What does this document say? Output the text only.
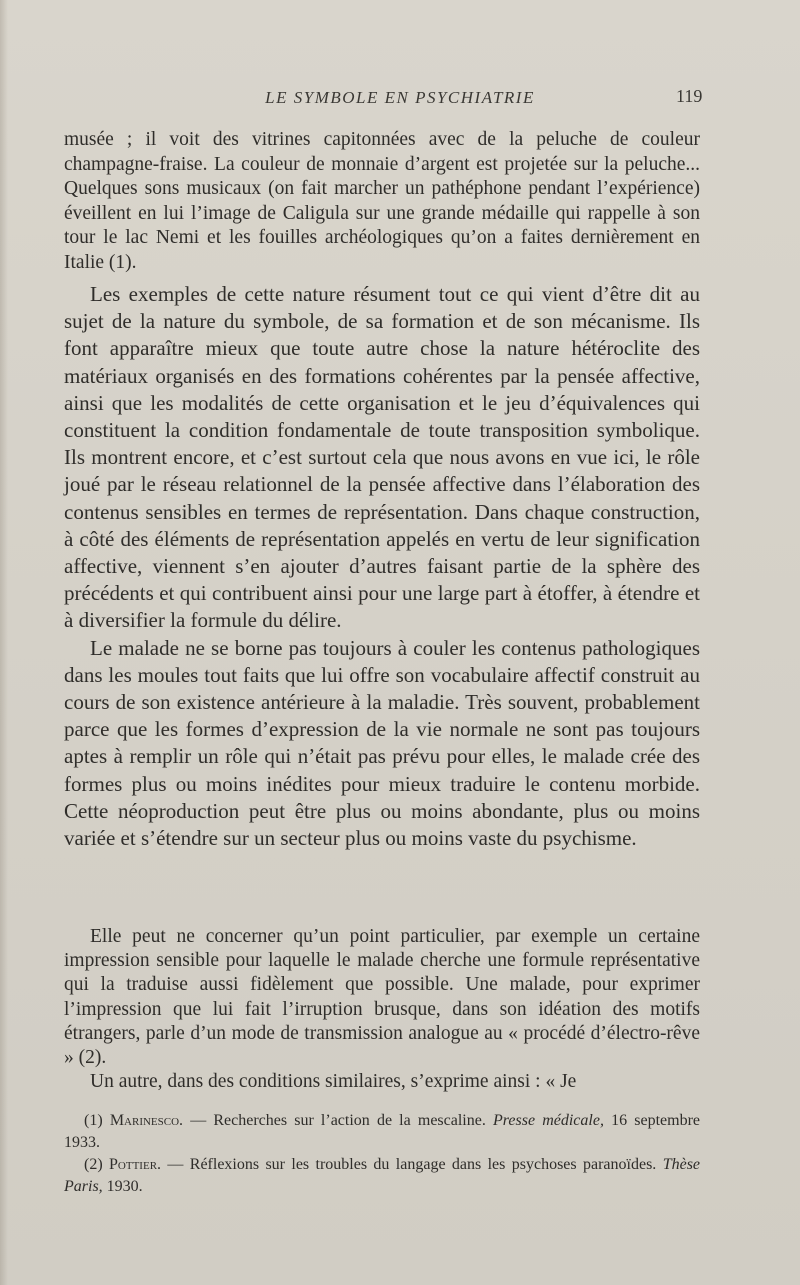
LE SYMBOLE EN PSYCHIATRIE	119

musée ; il voit des vitrines capitonnées avec de la peluche de couleur champagne-fraise. La couleur de monnaie d’argent est projetée sur la peluche... Quelques sons musicaux (on fait marcher un pathéphone pendant l’expérience) éveillent en lui l’image de Caligula sur une grande médaille qui rappelle à son tour le lac Nemi et les fouilles archéologiques qu’on a faites dernièrement en Italie (1).

Les exemples de cette nature résument tout ce qui vient d’être dit au sujet de la nature du symbole, de sa formation et de son mécanisme. Ils font apparaître mieux que toute autre chose la nature hétéroclite des matériaux organisés en des formations cohérentes par la pensée affective, ainsi que les modalités de cette organisation et le jeu d’équivalences qui constituent la condition fondamentale de toute transposition symbolique. Ils montrent encore, et c’est surtout cela que nous avons en vue ici, le rôle joué par le réseau relationnel de la pensée affective dans l’élaboration des contenus sensibles en termes de représentation. Dans chaque construction, à côté des éléments de représentation appelés en vertu de leur signification affective, viennent s’en ajouter d’autres faisant partie de la sphère des précédents et qui contribuent ainsi pour une large part à étoffer, à étendre et à diversifier la formule du délire.

Le malade ne se borne pas toujours à couler les contenus pathologiques dans les moules tout faits que lui offre son vocabulaire affectif construit au cours de son existence antérieure à la maladie. Très souvent, probablement parce que les formes d’expression de la vie normale ne sont pas toujours aptes à remplir un rôle qui n’était pas prévu pour elles, le malade crée des formes plus ou moins inédites pour mieux traduire le contenu morbide. Cette néoproduction peut être plus ou moins abondante, plus ou moins variée et s’étendre sur un secteur plus ou moins vaste du psychisme.

Elle peut ne concerner qu’un point particulier, par exemple un certaine impression sensible pour laquelle le malade cherche une formule représentative qui la traduise aussi fidèlement que possible. Une malade, pour exprimer l’impression que lui fait l’irruption brusque, dans son idéation des motifs étrangers, parle d’un mode de transmission analogue au « procédé d’électro-rêve » (2).

Un autre, dans des conditions similaires, s’exprime ainsi : « Je

(1) Marinesco. — Recherches sur l’action de la mescaline. Presse médicale, 16 septembre 1933.

(2) Pottier. — Réflexions sur les troubles du langage dans les psychoses paranoïdes. Thèse Paris, 1930.
